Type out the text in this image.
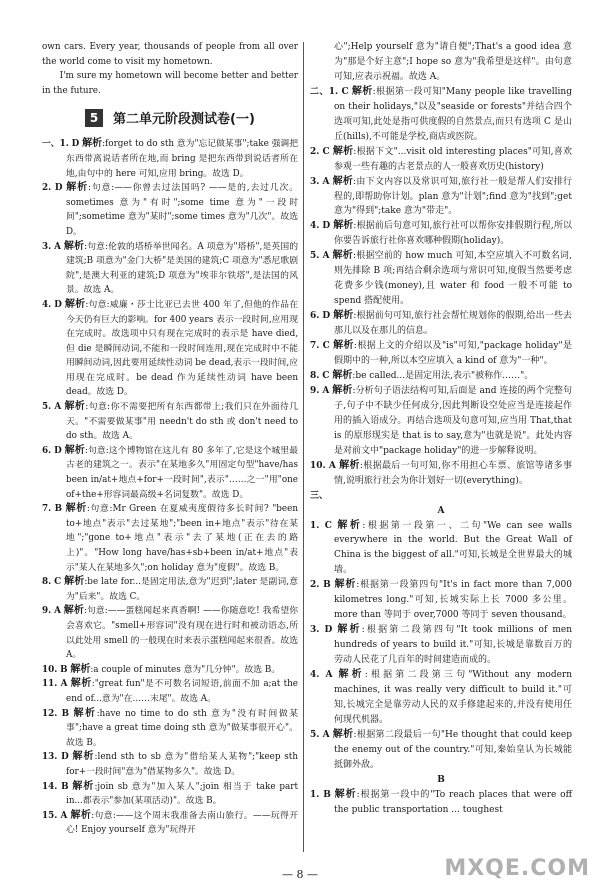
own cars. Every year, thousands of people from all over the world come to visit my hometown.

I'm sure my hometown will become better and better in the future.

5	第二单元阶段测试卷(一)

一、1. D 解析:forget to do sth 意为"忘记做某事";take 强调把东西带离说话者所在地,而 bring 是把东西带到说话者所在地,由句中的 here 可知,应用 bring。故选 D。

2. D 解析:句意:——你曾去过法国吗? ——是的,去过几次。sometimes 意为"有时";some time 意为"一段时间";sometime 意为"某时";some times 意为"几次"。故选 D。

3. A 解析:句意:伦敦的塔桥举世闻名。A 项意为"塔桥",是英国的建筑;B 项意为"金门大桥"是美国的建筑;C 项意为"悉尼歌剧院",是澳大利亚的建筑;D 项意为"埃菲尔铁塔",是法国的风景。故选 A。

4. D 解析:句意:威廉・莎士比亚已去世 400 年了,但他的作品在今天仍有巨大的影响。for 400 years 表示一段时间,应用现在完成时。故选项中只有现在完成时的表示是 have died,但 die 是瞬间动词,不能和一段时间连用,现在完成时中不能用瞬间动词,因此要用延续性动词 be dead,表示一段时间,应用现在完成时。be dead 作为延续性动词 have been dead。故选 D。

5. A 解析:句意:你不需要把所有东西都带上;我们只在外面待几天。"不需要做某事"用 needn't do sth 或 don't need to do sth。故选 A。

6. D 解析:句意:这个博物馆在这儿有 80 多年了,它是这个城里最古老的建筑之一。表示"在某地多久"用固定句型"have/has been in/at+地点+for+一段时间",表示"……之一"用"one of+the+形容词最高级+名词复数"。故选 D。

7. B 解析:句意:Mr Green 在夏威夷度假待多长时间? "been to+地点"表示"去过某地";"been in+地点"表示"待在某地";"gone to+地点"表示"去了某地(正在去的路上)"。"How long have/has+sb+been in/at+地点"表示"某人在某地多久";on holiday 意为"度假"。故选 B。

8. C 解析:be late for...是固定用法,意为"迟到";later 是副词,意为"后来"。故选 C。

9. A 解析:句意:——蛋糕闻起来真香啊! ——你随意吃! 我希望你会喜欢它。"smell+形容词"没有现在进行时和被动语态,所以此处用 smell 的一般现在时来表示蛋糕闻起来很香。故选 A。

10. B 解析:a couple of minutes 意为"几分钟"。故选 B。

11. A 解析:"great fun"是不可数名词短语,前面不加 a;at the end of...意为"在……末尾"。故选 A。

12. B 解析:have no time to do sth 意为"没有时间做某事";have a great time doing sth 意为"做某事很开心"。故选 B。

13. D 解析:lend sth to sb 意为"借给某人某物";"keep sth for+一段时间"意为"借某物多久"。故选 D。

14. B 解析:join sb 意为"加入某人";join 相当于 take part in...都表示"参加(某项活动)"。故选 B。

15. A 解析:句意:——这个周末我准备去南山旅行。——玩得开心! Enjoy yourself 意为"玩得开

心";Help yourself 意为"请自便";That's a good idea 意为"那是个好主意";I hope so 意为"我希望是这样"。由句意可知,应表示祝福。故选 A。

二、1. C 解析:根据第一段可知"Many people like travelling on their holidays,"以及"seaside or forests"并结合四个选项可知,此处是指可供度假的自然景点,而只有选项 C 是山丘(hills),不可能是学校,商店或医院。

2. C 解析:根据下文"...visit old interesting places"可知,喜欢参观一些有趣的古老景点的人一般喜欢历史(history)

3. A 解析:由下文内容以及常识可知,旅行社一般是帮人们安排行程的,即帮助你计划。plan 意为"计划";find 意为"找到";get 意为"得到";take 意为"带走"。

4. D 解析:根据前后句意可知,旅行社可以帮你安排假期行程,所以你要告诉旅行社你喜欢哪种假期(holiday)。

5. A 解析:根据空前的 how much 可知,本空应填入不可数名词,则先排除 B 项;再结合剩余选项与常识可知,度假当然要考虑花费多少钱(money),且 water 和 food 一般不可能 to spend 搭配使用。

6. D 解析:根据前句可知,旅行社会帮忙规划你的假期,给出一些去那儿以及在那儿的信息。

7. C 解析:根据上文的介绍以及"is"可知,"package holiday"是假期中的一种,所以本空应填入 a kind of 意为"一种"。

8. C 解析:be called...是固定用法,表示"被称作……"。

9. A 解析:分析句子语法结构可知,后面是 and 连接的两个完整句子,句子中不缺少任何成分,因此判断设空处应当是连接起作用的插入语成分。再结合选项及句意可知,应当用 That,that is 的原形现实是 that is to say,意为"也就是说"。此处内容是对前文中"package holiday"的进一步解释说明。

10. A 解析:根据最后一句可知,你不用担心车票、旅馆等诸多事情,说明旅行社会为你计划好一切(everything)。

三、

A

1. C 解析:根据第一段第一、二句"We can see walls everywhere in the world. But the Great Wall of China is the biggest of all."可知,长城是全世界最大的城墙。

2. B 解析:根据第一段第四句"It's in fact more than 7,000 kilometres long."可知,长城实际上长 7000 多公里。more than 等同于 over,7000 等同于 seven thousand。

3. D 解析:根据第二段第四句"It took millions of men hundreds of years to build it."可知,长城是靠数百万的劳动人民花了几百年的时间建造而成的。

4. A 解析:根据第二段第三句"Without any modern machines, it was really very difficult to build it."可知,长城完全是靠劳动人民的双手修建起来的,并没有使用任何现代机器。

5. A 解析:根据第二段最后一句"He thought that could keep the enemy out of the country."可知,秦始皇认为长城能抵御外敌。

B

1. B 解析:根据第一段中的"To reach places that were off the public transportation ... toughest

— 8 —	MXQE.COM
